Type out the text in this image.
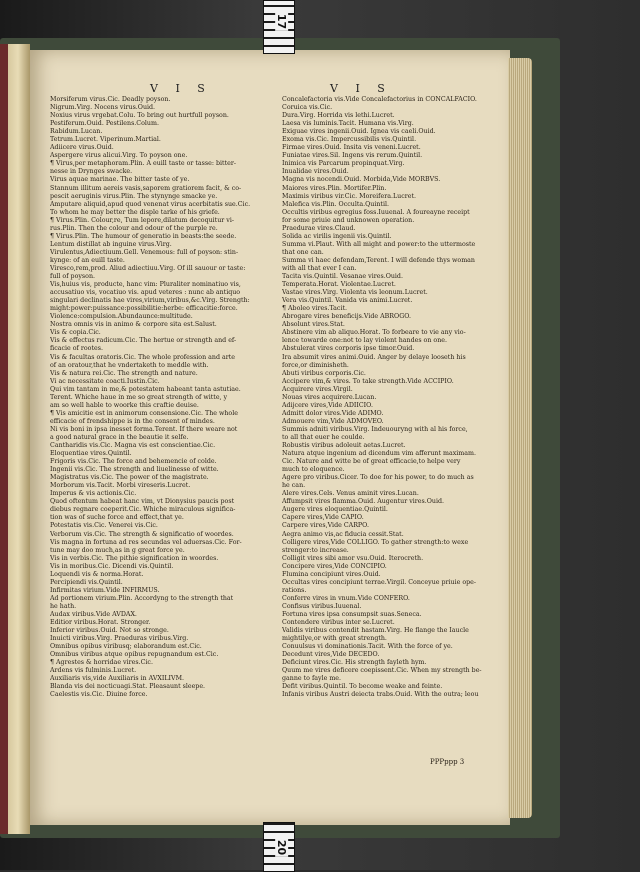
17
20
V I S	V I S
Morsiferum virus.Cic. Deadly poyson.
Nigrum.Virg. Nocens virus.Ouid.
Noxius virus vrgebat.Colu. To bring out hurtfull poyson.
Pestiferum.Ouid. Pestilens.Colum.
Rabidum.Lucan.
Tetrum.Lucret. Viperinum.Martial.
Adiicere virus.Ouid.
Aspergere virus alicui.Virg. To poyson one.
¶ Virus,per metaphoram.Plin. A euill taste or tasse: bitter-
nesse in Drynges swacke.
Virus aquae marinae. The bitter taste of ye.
Stannum illitum aereis vasis,saporem gratiorem facit, & co-
pescit aeruginis virus.Plin. The stynynge smacke ye.
Amputare aliquid,apud quod venenat virus acerbitatis sue.Cic.
To whom he may better the disple tarke of his griefe.
¶ Virus.Plin. Colour,re, Tum lepore,dilatum decoquitur vi-
rus.Plin. Then the colour and odour of the purple re.
¶ Virus.Plin. The humour of generatio in beasts:the seede.
Lentum distillat ab inguine virus.Virg.
Virulentus,Adiectiuum.Gell. Venemous: full of poyson: stin-
kynge: of an euill taste.
Viresco,rem,prod. Aliud adiectiuu.Virg. Of ill sauour or taste:
full of poyson.
Vis,huius vis, producte, hanc vim: Pluraliter nominatiuo vis,
accusatiuo vis, vocatiuo vis. apud veteres : nunc ab antiquo
singulari declinatis hae vires,virium,viribus,&c.Virg. Strength:
might:power:puissance:possibilitie:herbe: efficacitie:force.
Violence:compulsion.Abundaunce:multitude.
Nostra omnis vis in animo & corpore sita est.Salust.
Vis & copia.Cic.
Vis & effectus radicum.Cic. The hertue or strength and ef-
ficacie of rootes.
Vis & facultas oratoris.Cic. The whole profession and arte
of an oratour,that he vndertaketh to meddle with.
Vis & natura rei.Cic. The strength and nature.
Vi ac necessitate coacti.Iustin.Cic.
Qui vim tantam in me,& potestatem habeant tanta astutiae.
Terent. Whiche haue in me so great strength of witte, y
am so well hable to woorke this craftie deuise.
¶ Vis amicitie est in animorum consensione.Cic. The whole
efficacie of frendshippe is in the consent of mindes.
Ni vis boni in ipsa inesset forma.Terent. If there weare not
a good natural grace in the beautie it selfe.
Cantharidis vis.Cic. Magna vis est conscientiae.Cic.
Eloquentiae vires.Quintil.
Frigoris vis.Cic. The force and behemencie of colde.
Ingenii vis.Cic. The strength and liuelinesse of witte.
Magistratus vis.Cic. The power of the magistrate.
Morborum vis.Tacit. Morbi vireseris.Lucret.
Imperus & vis actionis.Cic.
Quod oftentum habeat hanc vim, vt Dionysius paucis post
diebus regnare coeperit.Cic. Whiche miraculous significa-
tion was of suche force and effect,that ye.
Potestatis vis.Cic. Venerei vis.Cic.
Verborum vis.Cic. The strength & significatio of woordes.
Vis magna in fortuna ad res secundas vel aduersas.Cic. For-
tune may doo much,as in g great force ye.
Vis in verbis.Cic. The pithie signification in woordes.
Vis in moribus.Cic. Dicendi vis.Quintil.
Loquendi vis & norma.Horat.
Percipiendi vis.Quintil.
Infirmitas virium.Vide INFIRMUS.
Ad portionem virium.Plin. Accordyng to the strength that
he hath.
Audax viribus.Vide AVDAX.
Editior viribus.Horat. Stronger.
Inferior viribus.Ouid. Not so stronge.
Inuicti viribus.Virg. Praeduras viribus.Virg.
Omnibus opibus viribusq; elaborandum est.Cic.
Omnibus viribus atque opibus repugnandum est.Cic.
¶ Agrestes & horridae vires.Cic.
Ardens vis fulminis.Lucret.
Auxiliaris vis,vide Auxiliaris in AVXILIVM.
Blanda vis dei nocticuagi.Stat. Pleasaunt sleepe.
Caelestis vis.Cic. Diuine force.
Concalefactoria vis.Vide Concalefactorius in CONCALFACIO.
Coruica vis.Cic.
Dura.Virg. Horrida vis lethi.Lucret.
Laesa vis luminis.Tacit. Humana vis.Virg.
Exiguae vires ingenii.Ouid. Ignea vis caeli.Ouid.
Exoma vis.Cic. Impercussibilis vis.Quintil.
Firmae vires.Ouid. Insita vis veneni.Lucret.
Funiatae vires.Sil. Ingens vis rerum.Quintil.
Inimica vis Parcarum propinquat.Virg.
Inualidae vires.Ouid.
Magna vis nocendi.Ouid. Morbida,Vide MORBVS.
Maiores vires.Plin. Mortifer.Plin.
Maximis viribus vir.Cic. Moreifera.Lucret.
Malefica vis.Plin. Occulta.Quintil.
Occultis viribus egregius foss.Iuuenal. A foureayne receipt
for some priuie and unknowen operation.
Praedurae vires.Claud.
Solida ac virilis ingenii vis.Quintil.
Summa vi.Plaut. With all might and power:to the uttermoste
that one can.
Summa vi haec defendam,Terent. I will defende thys woman
with all that ever I can.
Tacita vis.Quintil. Vesanae vires.Ouid.
Temperata.Horat. Violentae.Lucret.
Vastae vires.Virg. Violenta vis leonum.Lucret.
Vera vis.Quintil. Vanida vis animi.Lucret.
¶ Aboleo vires.Tacit.
Abrogare vires beneficijs.Vide ABROGO.
Absolunt vires.Stat.
Abstinere vim ab aliquo.Horat. To forbeare to vie any vio-
lence towarde one:not to lay violent handes on one.
Abstulerat vires corporis ipse timor.Ouid.
Ira absumit vires animi.Ouid. Anger by delaye looseth his
force,or diminisheth.
Abuti viribus corporis.Cic.
Accipere vim,& vires. To take strength.Vide ACCIPIO.
Acquirere vires.Virgil.
Nouas vires acquirere.Lucan.
Adijcere vires,Vide ADIICIO.
Admitt dolor vires.Vide ADIMO.
Admouere vim,Vide ADMOVEO.
Summis adniti viribus.Virg. Indeuouryng with al his force,
to all that euer he coulde.
Robustis viribus adoleuit aetas.Lucret.
Natura atque ingenium ad dicendum vim afferunt maximam.
Cic. Nature and witte be of great efficacie,to helpe very
much to eloquence.
Agere pro viribus.Cicer. To doe for his power, to do much as
he can.
Alere vires.Cels. Venus aminit vires.Lucan.
Affumpsit vires flamma.Ouid. Augentur vires.Ouid.
Augere vires eloquentiae.Quintil.
Capere vires,Vide CAPIO.
Carpere vires,Vide CARPO.
Aegra animo vis,ac fiducia cessit.Stat.
Colligere vires,Vide COLLIGO. To gather strength:to wexe
strenger:to increase.
Colligit vires sibi amor vsu.Ouid. Iterocreth.
Concipere vires,Vide CONCIPIO.
Flumina concipiunt vires.Ouid.
Occultas vires concipiunt terrae.Virgil. Conceyue priuie ope-
rations.
Conferre vires in vnum.Vide CONFERO.
Confisus viribus.Iuuenal.
Fortuna vires ipsa consumpsit suas.Seneca.
Contendere viribus inter se.Lucret.
Validis viribus contendit hastam.Virg. He flange the Iaucle
mightilye,or with great strength.
Conuulsus vi dominationis.Tacit. With the force of ye.
Decedunt vires,Vide DECEDO.
Deficiunt vires.Cic. His strength fayleth hym.
Quum me vires deficere coepissent.Cic. When my strength be-
ganne to fayle me.
Defit viribus.Quintil. To become weake and feinte.
Infanis viribus Austri deiecta trabs.Ouid. With the outra; leou
PPPppp 3
